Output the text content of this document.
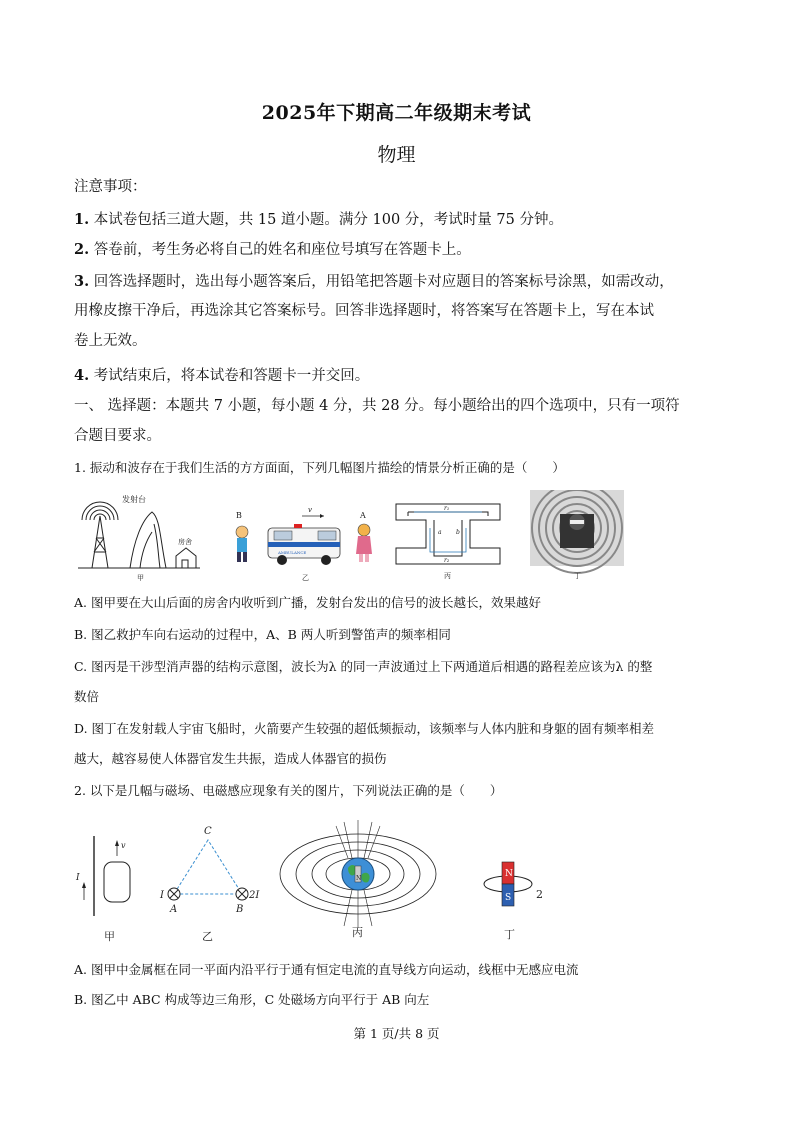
2025年下期高二年级期末考试
物理
注意事项：
1. 本试卷包括三道大题，共 15 道小题。满分 100 分，考试时量 75 分钟。
2. 答卷前，考生务必将自己的姓名和座位号填写在答题卡上。
3. 回答选择题时，选出每小题答案后，用铅笔把答题卡对应题目的答案标号涂黑，如需改动，
用橡皮擦干净后，再选涂其它答案标号。回答非选择题时，将答案写在答题卡上，写在本试
卷上无效。
4. 考试结束后，将本试卷和答题卡一并交回。
一、 选择题：本题共 7 小题，每小题 4 分，共 28 分。每小题给出的四个选项中，只有一项符
合题目要求。
1. 振动和波存在于我们生活的方方面面，下列几幅图片描绘的情景分析正确的是（　　）
发射台
房舍
甲
B
AMBULANCE
v
A
乙
r₁
r₂
a b
丙	丁
A. 图甲要在大山后面的房舍内收听到广播，发射台发出的信号的波长越长，效果越好
B. 图乙救护车向右运动的过程中，A、B 两人听到警笛声的频率相同
C. 图丙是干涉型消声器的结构示意图，波长为λ 的同一声波通过上下两通道后相遇的路程差应该为λ 的整
数倍
D. 图丁在发射载人宇宙飞船时，火箭要产生较强的超低频振动，该频率与人体内脏和身躯的固有频率相差
越大，越容易使人体器官发生共振，造成人体器官的损伤
2. 以下是几幅与磁场、电磁感应现象有关的图片，下列说法正确的是（　　）
I
v
甲
C
I	2I
A	B
乙
N
丙
N
S 2
丁
A. 图甲中金属框在同一平面内沿平行于通有恒定电流的直导线方向运动，线框中无感应电流
B. 图乙中 ABC 构成等边三角形，C 处磁场方向平行于 AB 向左
第 1 页/共 8 页
